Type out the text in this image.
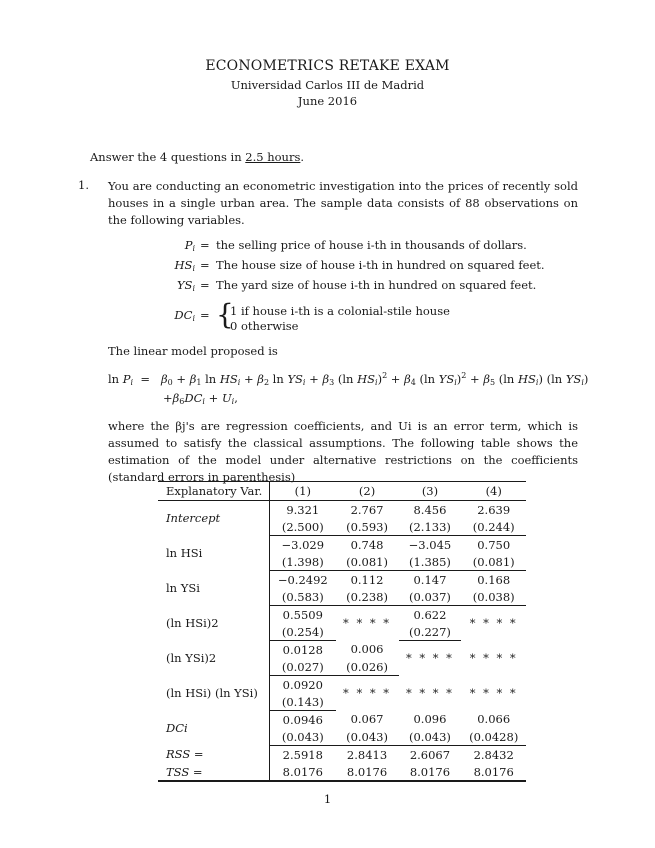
ECONOMETRICS RETAKE EXAM
Universidad Carlos III de Madrid
June 2016
Answer the 4 questions in 2.5 hours.
1. You are conducting an econometric investigation into the prices of recently sold houses in a single urban area. The sample data consists of 88 observations on the following variables.
$P_i$ = the selling price of house i-th in thousands of dollars.
$HS_i$ = The house size of house i-th in hundred on squared feet.
$YS_i$ = The yard size of house i-th in hundred on squared feet.
$DC_i$ = {
1 if house i-th is a colonial-stile house
0 otherwise
The linear model proposed is
$\ln P_i = \beta_0 + \beta_1$ $\ln HS_i + \beta_2$ $\ln YS_i + \beta_3$ (ln $HS_i)^2 + \beta_4$ (ln $YS_i)^2 + \beta_5$ (ln $HS_i$) (ln $YS_i$)
$+\beta_6DC_i + U_i$,
where the βj's are regression coefficients, and Ui is an error term, which is assumed to satisfy the classical assumptions. The following table shows the estimation of the model under alternative restrictions on the coefficients (standard errors in parenthesis)
Explanatory Var.	(1)	(2)	(3)	(4)
Intercept	9.321	2.767	8.456	2.639
	(2.500)	(0.593)	(2.133)	(0.244)
ln HSi	−3.029	0.748	−3.045	0.750
	(1.398)	(0.081)	(1.385)	(0.081)
ln YSi	−0.2492	0.112	0.147	0.168
	(0.583)	(0.238)	(0.037)	(0.038)
(ln HSi)2	0.5509	* * * *	0.622	* * * *
	(0.254)		(0.227)	
(ln YSi)2	0.0128	0.006	* * * *	* * * *
	(0.027)	(0.026)		
(ln HSi) (ln YSi)	0.0920	* * * *	* * * *	* * * *
	(0.143)			
DCi	0.0946	0.067	0.096	0.066
	(0.043)	(0.043)	(0.043)	(0.0428)
RSS =	2.5918	2.8413	2.6067	2.8432
TSS =	8.0176	8.0176	8.0176	8.0176
1
